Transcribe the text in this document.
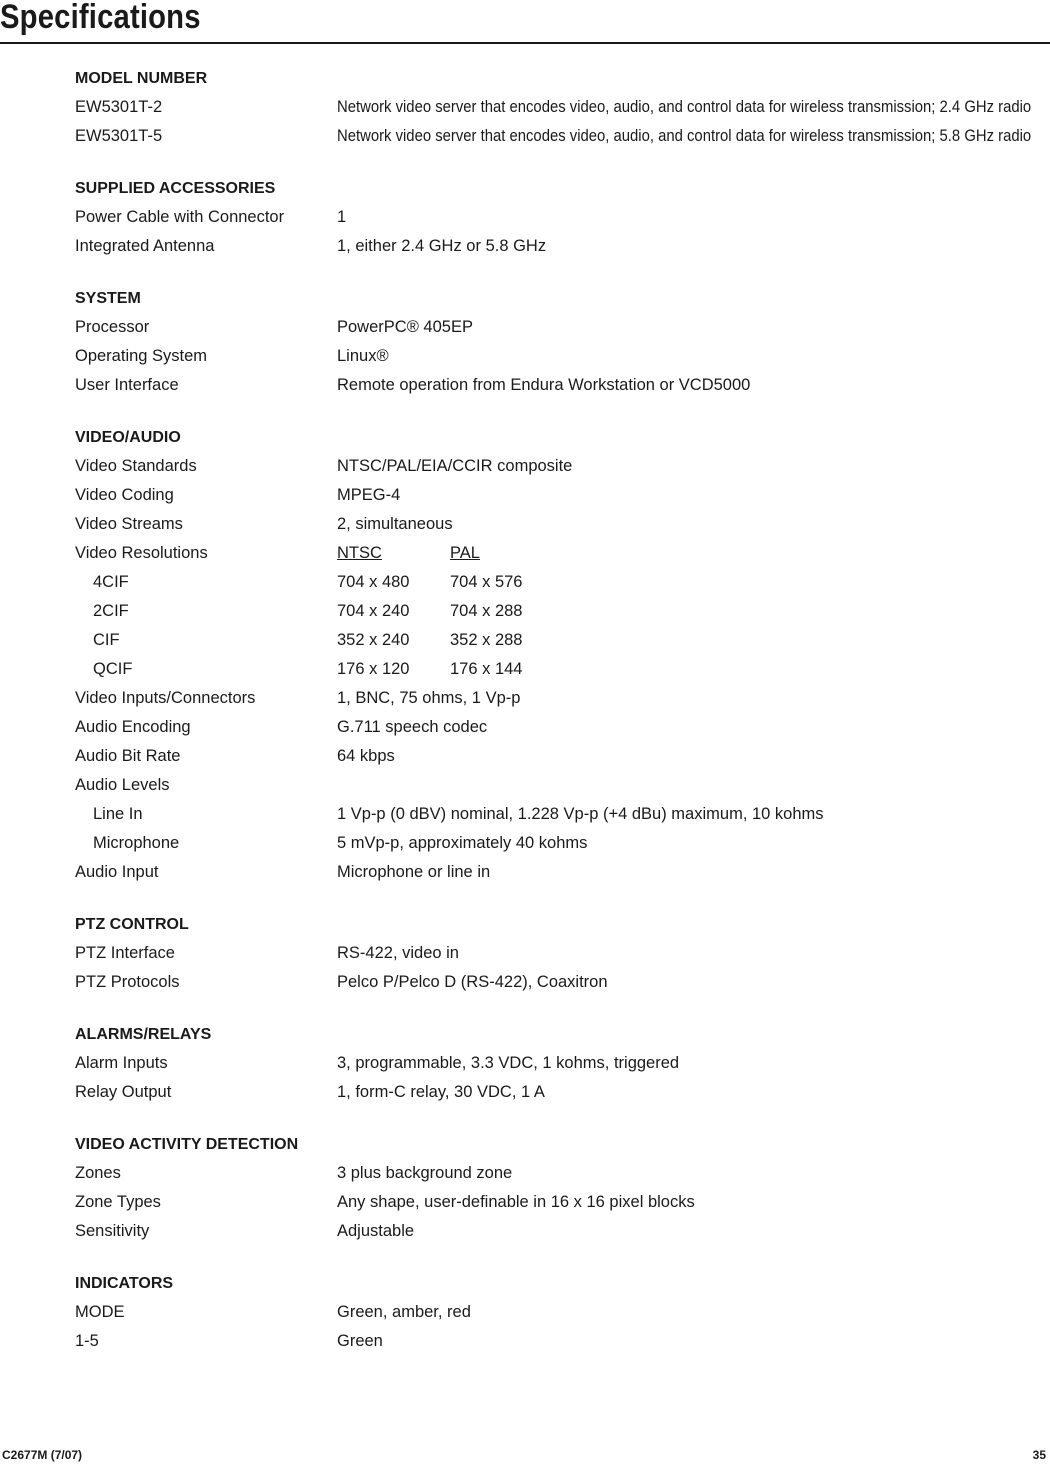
Specifications
MODEL NUMBER
EW5301T-2	Network video server that encodes video, audio, and control data for wireless transmission; 2.4 GHz radio
EW5301T-5	Network video server that encodes video, audio, and control data for wireless transmission; 5.8 GHz radio
SUPPLIED ACCESSORIES
Power Cable with Connector	1
Integrated Antenna	1, either 2.4 GHz or 5.8 GHz
SYSTEM
Processor	PowerPC® 405EP
Operating System	Linux®
User Interface	Remote operation from Endura Workstation or VCD5000
VIDEO/AUDIO
Video Standards	NTSC/PAL/EIA/CCIR composite
Video Coding	MPEG-4
Video Streams	2, simultaneous
Video Resolutions	NTSC	PAL
4CIF	704 x 480 704 x 576
2CIF	704 x 240 704 x 288
CIF	352 x 240 352 x 288
QCIF	176 x 120 176 x 144
Video Inputs/Connectors	1, BNC, 75 ohms, 1 Vp-p
Audio Encoding	G.711 speech codec
Audio Bit Rate	64 kbps
Audio Levels
Line In	1 Vp-p (0 dBV) nominal, 1.228 Vp-p (+4 dBu) maximum, 10 kohms
Microphone	5 mVp-p, approximately 40 kohms
Audio Input	Microphone or line in
PTZ CONTROL
PTZ Interface	RS-422, video in
PTZ Protocols	Pelco P/Pelco D (RS-422), Coaxitron
ALARMS/RELAYS
Alarm Inputs	3, programmable, 3.3 VDC, 1 kohms, triggered
Relay Output	1, form-C relay, 30 VDC, 1 A
VIDEO ACTIVITY DETECTION
Zones	3 plus background zone
Zone Types	Any shape, user-definable in 16 x 16 pixel blocks
Sensitivity	Adjustable
INDICATORS
MODE	Green, amber, red
1-5	Green
C2677M (7/07)	35
